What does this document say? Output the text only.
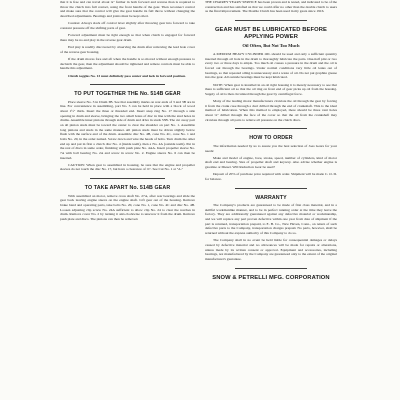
that it is free and can travel about ¼" further in both forward and reverse than is required to throw the clutch into full contact, using the front handle of the gear. Then reconnect control and make sure that the control will give the gear handle its full throw without changing the described adjustments. Bearings and joints must be kept oiled.

Caution: Always slack off control lever slightly after throwing gear into forward to take constant pressure off the shifting parts of gear.

Forward adjustment must be tight enough so that when clutch is engaged for forward there may be no end play in the reverse gear drum.

End play is readily discovered by observing the drum after removing the lead hole cover of the reverse gear housing.

If the drum moves fore and aft when the handle is so moved without enough pressure to declutch the gear, then the adjustment should be tightened and remote controls must be able to handle this adjustment.

Clutch toggles No. 13 must definitely pass center and lock in forward position.

TO PUT TOGETHER THE No. 514B GEAR

Place sleeve No. 3 in Drum 3B. See that assembly marks on rear ends of 3 and 3B are in line. For convenience in assembling, part No. 3 can be held in place with a block of wood about 1½" thick. Insert the three or threaded end. Insert snap ring No. 17 through a side opening in drum and sleeve, bringing the two small holes of disc in line with the stud holes in drums. Assemble inner pinions through side of drum and drive in studs 33B. The cut away part on all pinion studs must be toward the center to clear the shoulder on part No. 1. Assemble long pinions and studs in the same manner. All pinion studs must be driven slightly below flush with the surface end of the drum. Assemble disc No. 4B, cone No. 4C, cone No. 1 and bolts No. 20, in the order named. Screw down and wire the heads of bolts. Turn drum the other end up and put in first a clutch disc No. 4 (inside teeth), then a No. 4A (outside teeth). Put in the rest of discs in same order, finishing with push plate No. 4AA. Insert propeller sleeve No. 7A with ball bearing No. 2A and screw in screw No. 2. Engine sleeve No. 6 can then be inserted.

CAUTION: When gear is assembled in housing, be sure that the engine and propeller sleeves do not touch the disc No. 17, but have a clearance of ⅛". See Cut No. 1 at "A."

TO TAKE APART No. 514B GEAR

With assembled on motor, remove cross shaft No. 27A, after rear bearings and slide the gear back leaving engine sleeve on the engine shaft. Lift gear out of the housing. Remove brake band and operating parts, take bolts No. 20, cone No. 1, cone No. 4C and disc No. 4B. Loosen adjusting clip screw No. 24A sufficient to allow clip No. 24 to clear the notches in drum. Remove cover No. 2 by turning it anti-clockwise to unscrew it from the drum. Remove push plate and discs. The pinions can then be removed.

THE CHAIREY YEARS' SERVICE has been proven and is tested, and indicated to be of the construction and has satisfied us that we could offer no other than the double clutch to users as the final improvement. The Double Clutch has been used in my gears since 1916.

GEAR MUST BE LUBRICATED BEFORE APPLYING POWER
Oil Often, But Not Too Much

A MEDIUM HEAVY CYLINDER OIL should be used and only a sufficient quantity inserted through oil hole in the drum to thoroughly lubricate the parts. One-half pint or two every two or three days is ample. Too much oil causes a pressure in the drum and the oil is forced out through the bearings. Under normal conditions very little oil leaks out of bearings, so that repeated oiling is unnecessary and a waste of oil. Do not put graphite grease into the gear. All outside bearings must be kept lubricated.

NOTE: When gear is installed in an oil tight housing it is merely necessary to see that there is sufficient oil so that the oil ring on front end of gear picks up oil from the housing. Supply of oil is then circulated through the gear by centrifugal force.

Many of the leading motor manufacturers circulate the oil through the gear by forcing it from the crank case through a duct drilled through the end of crankshaft. This is the ideal method of lubrication. When this method is employed, there should be three vent holes about ⅛" drilled through the face of the cover so that the oil from the crankshaft may circulate through all parts to relieve all pressure on the clutch discs.

HOW TO ORDER

The information needed by us to assure you the best selection of Joes Gears for your needs:

Make and model of engine, bore, stroke, speed, number of cylinders, kind of motor shaft end and bearing. Size of propeller shaft and keyway. Also advise whether engine is gasoline or Diesel. Will Reduction Gear be used?

Deposit of 20% of purchase price required with order. Shipment will be made C. O. D. for balance.

WARRANTY

The Company's products are guaranteed to be made of first class material, and in a skillful workmanlike manner, and to be in perfect running order at the time they leave the factory. They are additionally guaranteed against any defective material or workmanship, and we will replace any part proven defective within one year from date of shipment if the part is returned, transportation prepaid, to E. B. Co., New Haven, Conn., on return of such defective parts to the Company, transportation charges prepaid. No parts, however, shall be returned without the express authority of this Company to do so.

The Company shall in no event be held liable for consequential damages or delays caused by defective material and no allowances will be made for repairs or alterations, unless made by its written consent or approval. Equipment and accessories, including bearings, not manufactured by the Company are guaranteed only to the extent of the original manufacturer's guarantee.

SNOW & PETRELLI MFG. CORPORATION
